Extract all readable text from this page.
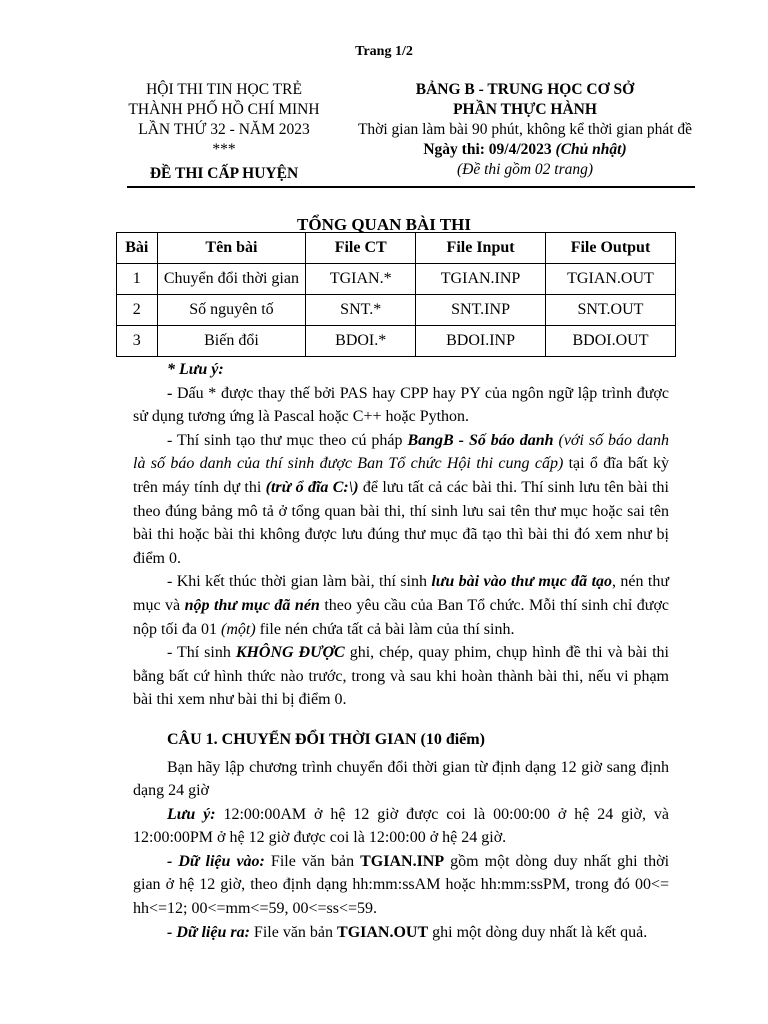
Trang 1/2
HỘI THI TIN HỌC TRẺ
THÀNH PHỐ HỒ CHÍ MINH
LẦN THỨ 32 - NĂM 2023
***
ĐỀ THI CẤP HUYỆN
BẢNG B - TRUNG HỌC CƠ SỞ
PHẦN THỰC HÀNH
Thời gian làm bài 90 phút, không kể thời gian phát đề
Ngày thi: 09/4/2023 (Chủ nhật)
(Đề thi gồm 02 trang)
TỔNG QUAN BÀI THI
Bài	Tên bài	File CT	File Input	File Output
1	Chuyển đổi thời gian	TGIAN.*	TGIAN.INP	TGIAN.OUT
2	Số nguyên tố	SNT.*	SNT.INP	SNT.OUT
3	Biến đổi	BDOI.*	BDOI.INP	BDOI.OUT
* Lưu ý:

- Dấu * được thay thế bởi PAS hay CPP hay PY của ngôn ngữ lập trình được sử dụng tương ứng là Pascal hoặc C++ hoặc Python.

- Thí sinh tạo thư mục theo cú pháp BangB - Số báo danh (với số báo danh là số báo danh của thí sinh được Ban Tổ chức Hội thi cung cấp) tại ổ đĩa bất kỳ trên máy tính dự thi (trừ ổ đĩa C:\) để lưu tất cả các bài thi. Thí sinh lưu tên bài thi theo đúng bảng mô tả ở tổng quan bài thi, thí sinh lưu sai tên thư mục hoặc sai tên bài thi hoặc bài thi không được lưu đúng thư mục đã tạo thì bài thi đó xem như bị điểm 0.

- Khi kết thúc thời gian làm bài, thí sinh lưu bài vào thư mục đã tạo, nén thư mục và nộp thư mục đã nén theo yêu cầu của Ban Tổ chức. Mỗi thí sinh chỉ được nộp tối đa 01 (một) file nén chứa tất cả bài làm của thí sinh.

- Thí sinh KHÔNG ĐƯỢC ghi, chép, quay phim, chụp hình đề thi và bài thi bằng bất cứ hình thức nào trước, trong và sau khi hoàn thành bài thi, nếu vi phạm bài thi xem như bài thi bị điểm 0.

CÂU 1. CHUYỂN ĐỔI THỜI GIAN (10 điểm)

Bạn hãy lập chương trình chuyển đổi thời gian từ định dạng 12 giờ sang định dạng 24 giờ

Lưu ý: 12:00:00AM ở hệ 12 giờ được coi là 00:00:00 ở hệ 24 giờ, và 12:00:00PM ở hệ 12 giờ được coi là 12:00:00 ở hệ 24 giờ.

- Dữ liệu vào: File văn bản TGIAN.INP gồm một dòng duy nhất ghi thời gian ở hệ 12 giờ, theo định dạng hh:mm:ssAM hoặc hh:mm:ssPM, trong đó 00<= hh<=12; 00<=mm<=59, 00<=ss<=59.

- Dữ liệu ra: File văn bản TGIAN.OUT ghi một dòng duy nhất là kết quả.
